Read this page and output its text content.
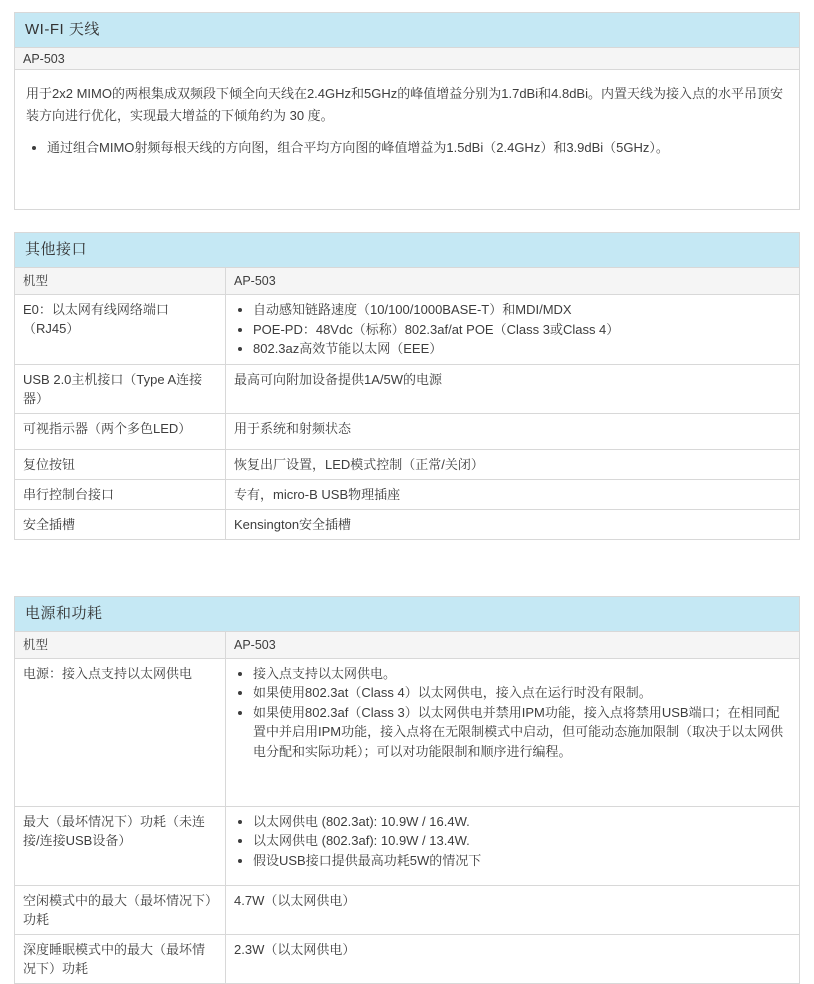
WI-FI 天线
AP-503

用于2x2 MIMO的两根集成双频段下倾全向天线在2.4GHz和5GHz的峰值增益分别为1.7dBi和4.8dBi。内置天线为接入点的水平吊顶安装方向进行优化，实现最大增益的下倾角约为 30 度。

• 通过组合MIMO射频每根天线的方向图，组合平均方向图的峰值增益为1.5dBi（2.4GHz）和3.9dBi（5GHz）。
其他接口
机型	AP-503
E0：以太网有线网络端口（RJ45）	
• 自动感知链路速度（10/100/1000BASE-T）和MDI/MDX
• POE-PD：48Vdc（标称）802.3af/at POE（Class 3或Class 4）
• 802.3az高效节能以太网（EEE）

USB 2.0主机接口（Type A连接器）	最高可向附加设备提供1A/5W的电源
可视指示器（两个多色LED）	用于系统和射频状态
复位按钮	恢复出厂设置，LED模式控制（正常/关闭）
串行控制台接口	专有，micro-B USB物理插座
安全插槽	Kensington安全插槽
电源和功耗
机型	AP-503
电源：接入点支持以太网供电	
•接入点支持以太网供电。
• 如果使用802.3at（Class 4）以太网供电，接入点在运行时没有限制。
• 如果使用802.3af（Class 3）以太网供电并禁用IPM功能，接入点将禁用USB端口；在相同配置中并启用IPM功能，接入点将在无限制模式中启动，但可能动态施加限制（取决于以太网供电分配和实际功耗）；可以对功能限制和顺序进行编程。

最大（最坏情况下）功耗（未连接/连接USB设备）	
• 以太网供电 (802.3at): 10.9W / 16.4W.
• 以太网供电 (802.3af): 10.9W / 13.4W.
• 假设USB接口提供最高功耗5W的情况下

空闲模式中的最大（最坏情况下）功耗	4.7W（以太网供电）
深度睡眠模式中的最大（最坏情况下）功耗	2.3W（以太网供电）
